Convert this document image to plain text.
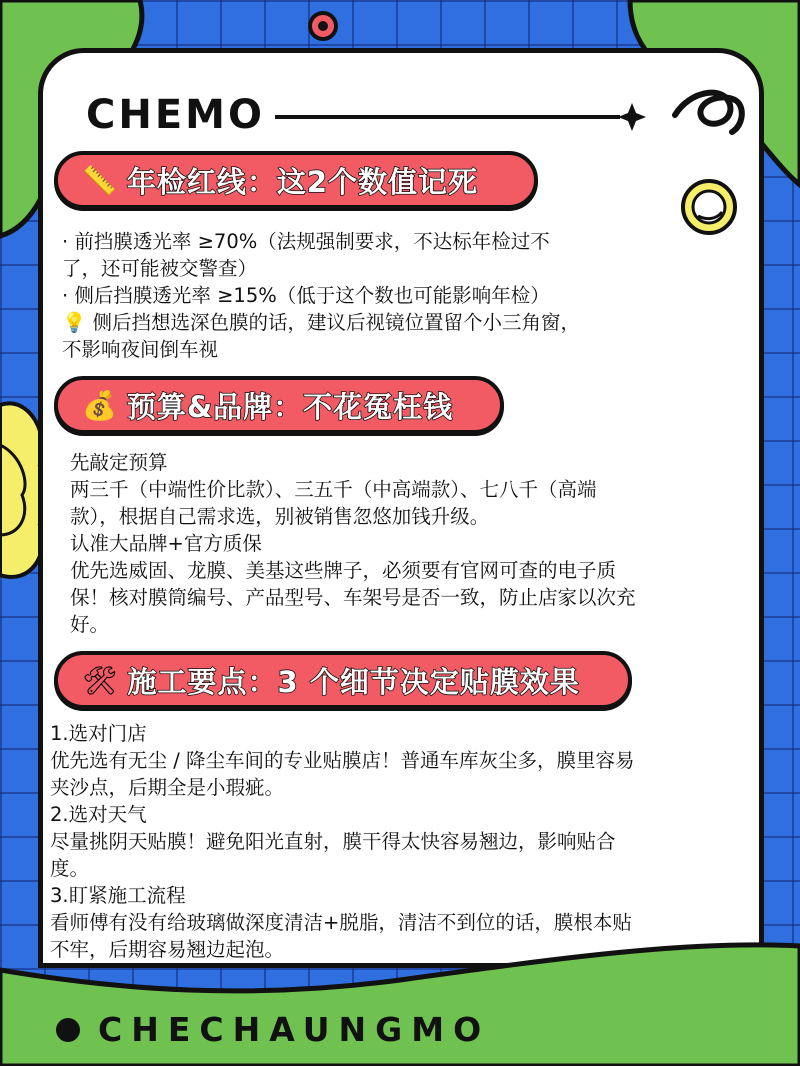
CHEMO
📏 年检红线：这2个数值记死

· 前挡膜透光率 ≥70%（法规强制要求，不达标年检过不

了，还可能被交警查）

· 侧后挡膜透光率 ≥15%（低于这个数也可能影响年检）

💡 侧后挡想选深色膜的话，建议后视镜位置留个小三角窗，

不影响夜间倒车视

💰 预算&品牌：不花冤枉钱

先敲定预算

两三千（中端性价比款）、三五千（中高端款）、七八千（高端

款），根据自己需求选，别被销售忽悠加钱升级。

认准大品牌+官方质保

优先选威固、龙膜、美基这些牌子，必须要有官网可查的电子质

保！核对膜筒编号、产品型号、车架号是否一致，防止店家以次充

好。

🛠 施工要点：3 个细节决定贴膜效果

1.选对门店

优先选有无尘 / 降尘车间的专业贴膜店！普通车库灰尘多，膜里容易

夹沙点，后期全是小瑕疵。

2.选对天气

尽量挑阴天贴膜！避免阳光直射，膜干得太快容易翘边，影响贴合

度。

3.盯紧施工流程

看师傅有没有给玻璃做深度清洁+脱脂，清洁不到位的话，膜根本贴

不牢，后期容易翘边起泡。

CHECHAUNGMO
